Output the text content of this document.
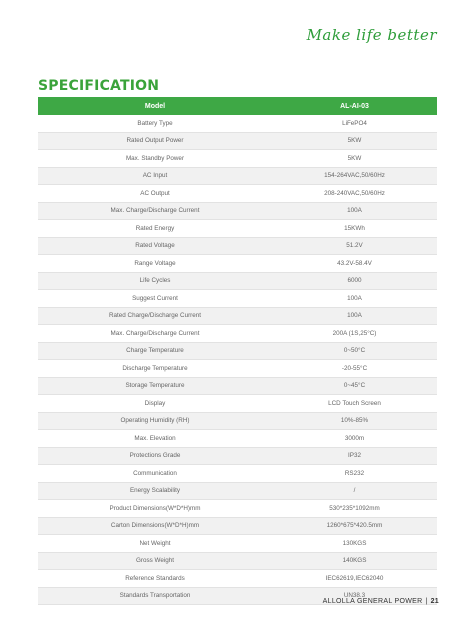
Make life better
SPECIFICATION
Model	AL-AI-03
Battery Type	LiFePO4
Rated Output Power	5KW
Max. Standby Power	5KW
AC Input	154-264VAC,50/60Hz
AC Output	208-240VAC,50/60Hz
Max. Charge/Discharge Current	100A
Rated Energy	15KWh
Rated Voltage	51.2V
Range Voltage	43.2V-58.4V
Life Cycles	6000
Suggest Current	100A
Rated Charge/Discharge Current	100A
Max. Charge/Discharge Current	200A (1S,25°C)
Charge Temperature	0~50°C
Discharge Temperature	-20-55°C
Storage Temperature	0~45°C
Display	LCD Touch Screen
Operating Humidity (RH)	10%-85%
Max. Elevation	3000m
Protections Grade	IP32
Communication	RS232
Energy Scalability	/
Product Dimensions(W*D*H)mm	530*235*1092mm
Carton Dimensions(W*D*H)mm	1260*675*420.5mm
Net Weight	130KGS
Gross Weight	140KGS
Reference Standards	IEC62619,IEC62040
Standards Transportation	UN38.3
ALLOLLA GENERAL POWER | 21
